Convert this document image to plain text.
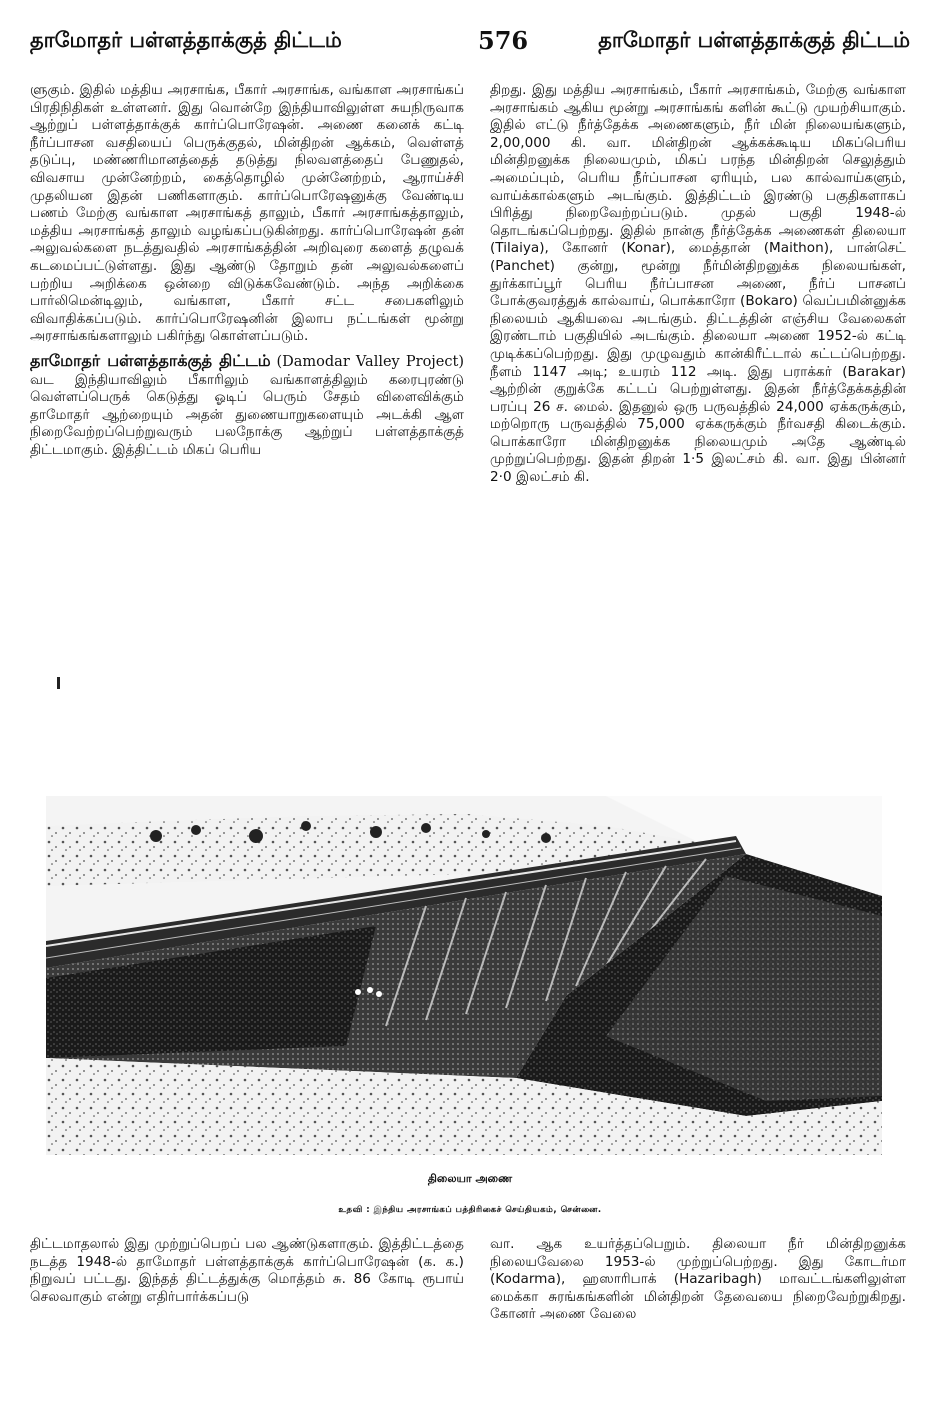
தாமோதர் பள்ளத்தாக்குத் திட்டம்	576	தாமோதர் பள்ளத்தாக்குத் திட்டம்

ளுகும். இதில் மத்திய அரசாங்க, பீகார் அரசாங்க, வங்காள அரசாங்கப் பிரதிநிதிகள் உள்ளனர். இது வொன்றே இந்தியாவிலுள்ள சுயநிருவாக ஆற்றுப் பள்ளத்தாக்குக் கார்ப்பொரேஷன். அணை கனைக் கட்டி நீர்ப்பாசன வசதியைப் பெருக்குதல், மின்திறன் ஆக்கம், வெள்ளத் தடுப்பு, மண்ணரிமானத்தைத் தடுத்து நிலவளத்தைப் பேணுதல், விவசாய முன்னேற்றம், கைத்தொழில் முன்னேற்றம், ஆராய்ச்சி முதலியன இதன் பணிகளாகும். கார்ப்பொரேஷனுக்கு வேண்டிய பணம் மேற்கு வங்காள அரசாங்கத் தாலும், பீகார் அரசாங்கத்தாலும், மத்திய அரசாங்கத் தாலும் வழங்கப்படுகின்றது. கார்ப்பொரேஷன் தன் அலுவல்களை நடத்துவதில் அரசாங்கத்தின் அறிவுரை களைத் தழுவக் கடமைப்பட்டுள்ளது. இது ஆண்டு தோறும் தன் அலுவல்களைப் பற்றிய அறிக்கை ஒன்றை விடுக்கவேண்டும். அந்த அறிக்கை பார்லிமென்டிலும், வங்காள, பீகார் சட்ட சபைகளிலும் விவாதிக்கப்படும். கார்ப்பொரேஷனின் இலாப நட்டங்கள் மூன்று அரசாங்கங்களாலும் பகிர்ந்து கொள்ளப்படும்.

தாமோதர் பள்ளத்தாக்குத் திட்டம் (Damodar Valley Project) வட இந்தியாவிலும் பீகாரிலும் வங்காளத்திலும் கரைபுரண்டு வெள்ளப்பெருக் கெடுத்து ஓடிப் பெரும் சேதம் விளைவிக்கும் தாமோதர் ஆற்றையும் அதன் துணையாறுகளையும் அடக்கி ஆள நிறைவேற்றப்பெற்றுவரும் பலநோக்கு ஆற்றுப் பள்ளத்தாக்குத் திட்டமாகும். இத்திட்டம் மிகப் பெரிய

திறது. இது மத்திய அரசாங்கம், பீகார் அரசாங்கம், மேற்கு வங்காள அரசாங்கம் ஆகிய மூன்று அரசாங்கங் களின் கூட்டு முயற்சியாகும். இதில் எட்டு நீர்த்தேக்க அணைகளும், நீர் மின் நிலையங்களும், 2,00,000 கி. வா. மின்திறன் ஆக்கக்கூடிய மிகப்பெரிய மின்திறனுக்க நிலையமும், மிகப் பரந்த மின்திறன் செலுத்தும் அமைப்பும், பெரிய நீர்ப்பாசன ஏரியும், பல கால்வாய்களும், வாய்க்கால்களும் அடங்கும். இத்திட்டம் இரண்டு பகுதிகளாகப் பிரித்து நிறைவேற்றப்படும். முதல் பகுதி 1948-ல் தொடங்கப்பெற்றது. இதில் நான்கு நீர்த்தேக்க அணைகள் திலையா (Tilaiya), கோனர் (Konar), மைத்தான் (Maithon), பான்செட் (Panchet) குன்று, மூன்று நீர்மின்திறனுக்க நிலையங்கள், துர்க்காப்பூர் பெரிய நீர்ப்பாசன அணை, நீர்ப் பாசனப் போக்குவரத்துக் கால்வாய், பொக்காரோ (Bokaro) வெப்பமின்னுக்க நிலையம் ஆகியவை அடங்கும். திட்டத்தின் எஞ்சிய வேலைகள் இரண்டாம் பகுதியில் அடங்கும். திலையா அணை 1952-ல் கட்டி முடிக்கப்பெற்றது. இது முழுவதும் கான்கிரீட்டால் கட்டப்பெற்றது. நீளம் 1147 அடி; உயரம் 112 அடி. இது பராக்கர் (Barakar) ஆற்றின் குறுக்கே கட்டப் பெற்றுள்ளது. இதன் நீர்த்தேக்கத்தின் பரப்பு 26 ச. மைல். இதனுல் ஒரு பருவத்தில் 24,000 ஏக்கருக்கும், மற்றொரு பருவத்தில் 75,000 ஏக்கருக்கும் நீர்வசதி கிடைக்கும். பொக்காரோ மின்திறனுக்க நிலையமும் அதே ஆண்டில் முற்றுப்பெற்றது. இதன் திறன் 1·5 இலட்சம் கி. வா. இது பின்னர் 2·0 இலட்சம் கி.

திலையா அணை
உதவி : இந்திய அரசாங்கப் பத்திரிகைச் செய்தியகம், சென்னை.

திட்டமாதலால் இது முற்றுப்பெறப் பல ஆண்டுகளாகும். இத்திட்டத்தை நடத்த 1948-ல் தாமோதர் பள்ளத்தாக்குக் கார்ப்பொரேஷன் (க. க.) நிறுவப் பட்டது. இந்தத் திட்டத்துக்கு மொத்தம் சு. 86 கோடி ரூபாய் செலவாகும் என்று எதிர்பார்க்கப்படு

வா. ஆக உயர்த்தப்பெறும். திலையா நீர் மின்திறனுக்க நிலையவேலை 1953-ல் முற்றுப்பெற்றது. இது கோடர்மா (Kodarma), ஹஸாரிபாக் (Hazaribagh) மாவட்டங்களிலுள்ள மைக்கா சுரங்கங்களின் மின்திறன் தேவையை நிறைவேற்றுகிறது. கோனர் அணை வேலை
